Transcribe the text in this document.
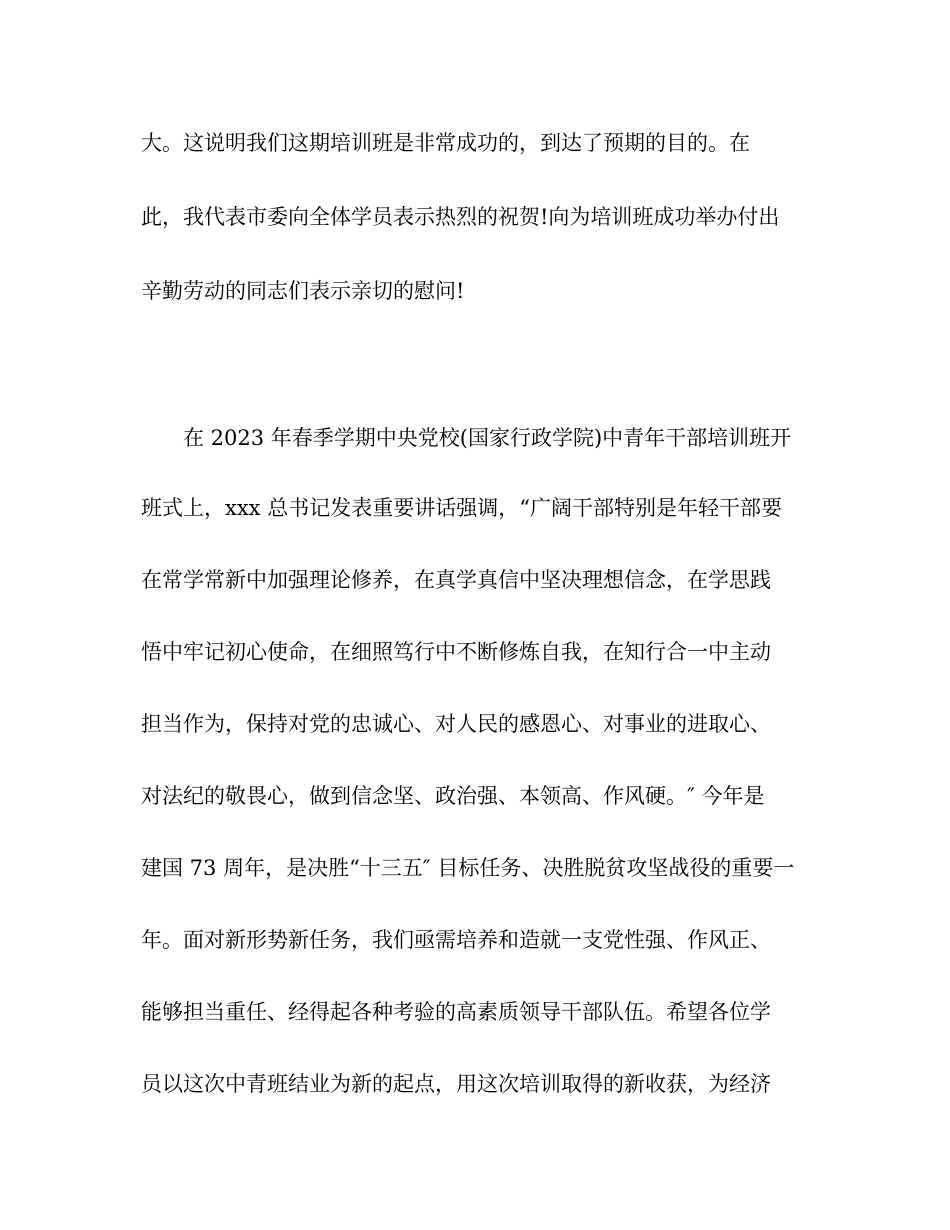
大。这说明我们这期培训班是非常成功的，到达了预期的目的。在
此，我代表市委向全体学员表示热烈的祝贺!向为培训班成功举办付出
辛勤劳动的同志们表示亲切的慰问!
在 2023 年春季学期中央党校(国家行政学院)中青年干部培训班开
班式上，xxx 总书记发表重要讲话强调，“广阔干部特别是年轻干部要
在常学常新中加强理论修养，在真学真信中坚决理想信念，在学思践
悟中牢记初心使命，在细照笃行中不断修炼自我，在知行合一中主动
担当作为，保持对党的忠诚心、对人民的感恩心、对事业的进取心、
对法纪的敬畏心，做到信念坚、政治强、本领高、作风硬。″ 今年是
建国 73 周年，是决胜“十三五″ 目标任务、决胜脱贫攻坚战役的重要一
年。面对新形势新任务，我们亟需培养和造就一支党性强、作风正、
能够担当重任、经得起各种考验的高素质领导干部队伍。希望各位学
员以这次中青班结业为新的起点，用这次培训取得的新收获，为经济
